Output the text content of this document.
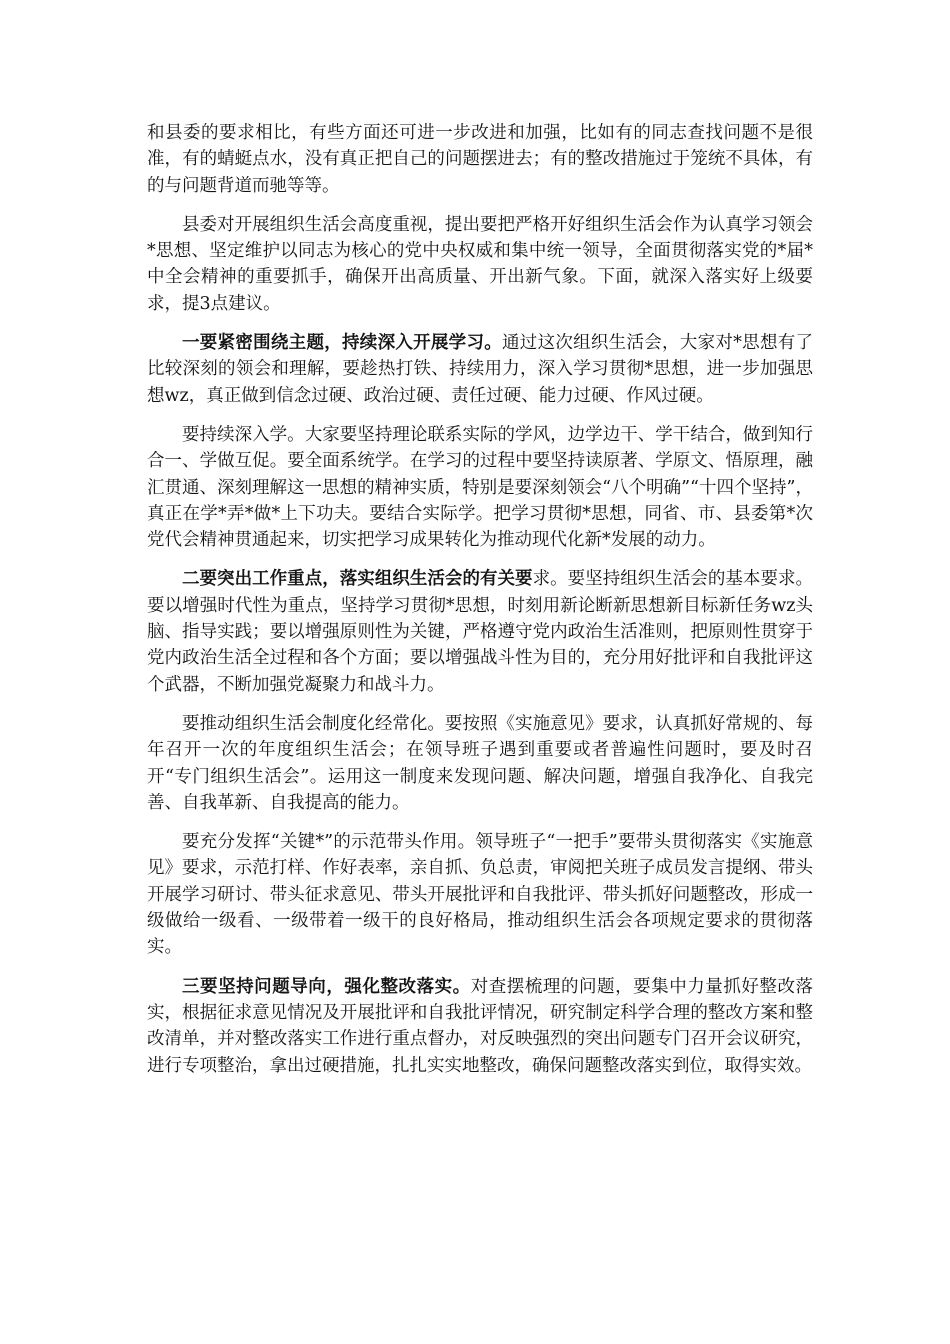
和县委的要求相比，有些方面还可进一步改进和加强，比如有的同志查找问题不是很准，有的蜻蜓点水，没有真正把自己的问题摆进去；有的整改措施过于笼统不具体，有的与问题背道而驰等等。

县委对开展组织生活会高度重视，提出要把严格开好组织生活会作为认真学习领会*思想、坚定维护以同志为核心的党中央权威和集中统一领导，全面贯彻落实党的*届*中全会精神的重要抓手，确保开出高质量、开出新气象。下面，就深入落实好上级要求，提3点建议。

一要紧密围绕主题，持续深入开展学习。通过这次组织生活会，大家对*思想有了比较深刻的领会和理解，要趁热打铁、持续用力，深入学习贯彻*思想，进一步加强思想wz，真正做到信念过硬、政治过硬、责任过硬、能力过硬、作风过硬。

要持续深入学。大家要坚持理论联系实际的学风，边学边干、学干结合，做到知行合一、学做互促。要全面系统学。在学习的过程中要坚持读原著、学原文、悟原理，融汇贯通、深刻理解这一思想的精神实质，特别是要深刻领会“八个明确”“十四个坚持”，真正在学*弄*做*上下功夫。要结合实际学。把学习贯彻*思想，同省、市、县委第*次党代会精神贯通起来，切实把学习成果转化为推动现代化新*发展的动力。

二要突出工作重点，落实组织生活会的有关要求。要坚持组织生活会的基本要求。要以增强时代性为重点，坚持学习贯彻*思想，时刻用新论断新思想新目标新任务wz头脑、指导实践；要以增强原则性为关键，严格遵守党内政治生活准则，把原则性贯穿于党内政治生活全过程和各个方面；要以增强战斗性为目的，充分用好批评和自我批评这个武器，不断加强党凝聚力和战斗力。

要推动组织生活会制度化经常化。要按照《实施意见》要求，认真抓好常规的、每年召开一次的年度组织生活会；在领导班子遇到重要或者普遍性问题时，要及时召开“专门组织生活会”。运用这一制度来发现问题、解决问题，增强自我净化、自我完善、自我革新、自我提高的能力。

要充分发挥“关键*”的示范带头作用。领导班子“一把手”要带头贯彻落实《实施意见》要求，示范打样、作好表率，亲自抓、负总责，审阅把关班子成员发言提纲、带头开展学习研讨、带头征求意见、带头开展批评和自我批评、带头抓好问题整改，形成一级做给一级看、一级带着一级干的良好格局，推动组织生活会各项规定要求的贯彻落实。

三要坚持问题导向，强化整改落实。对查摆梳理的问题，要集中力量抓好整改落实，根据征求意见情况及开展批评和自我批评情况，研究制定科学合理的整改方案和整改清单，并对整改落实工作进行重点督办，对反映强烈的突出问题专门召开会议研究，进行专项整治，拿出过硬措施，扎扎实实地整改，确保问题整改落实到位，取得实效。
